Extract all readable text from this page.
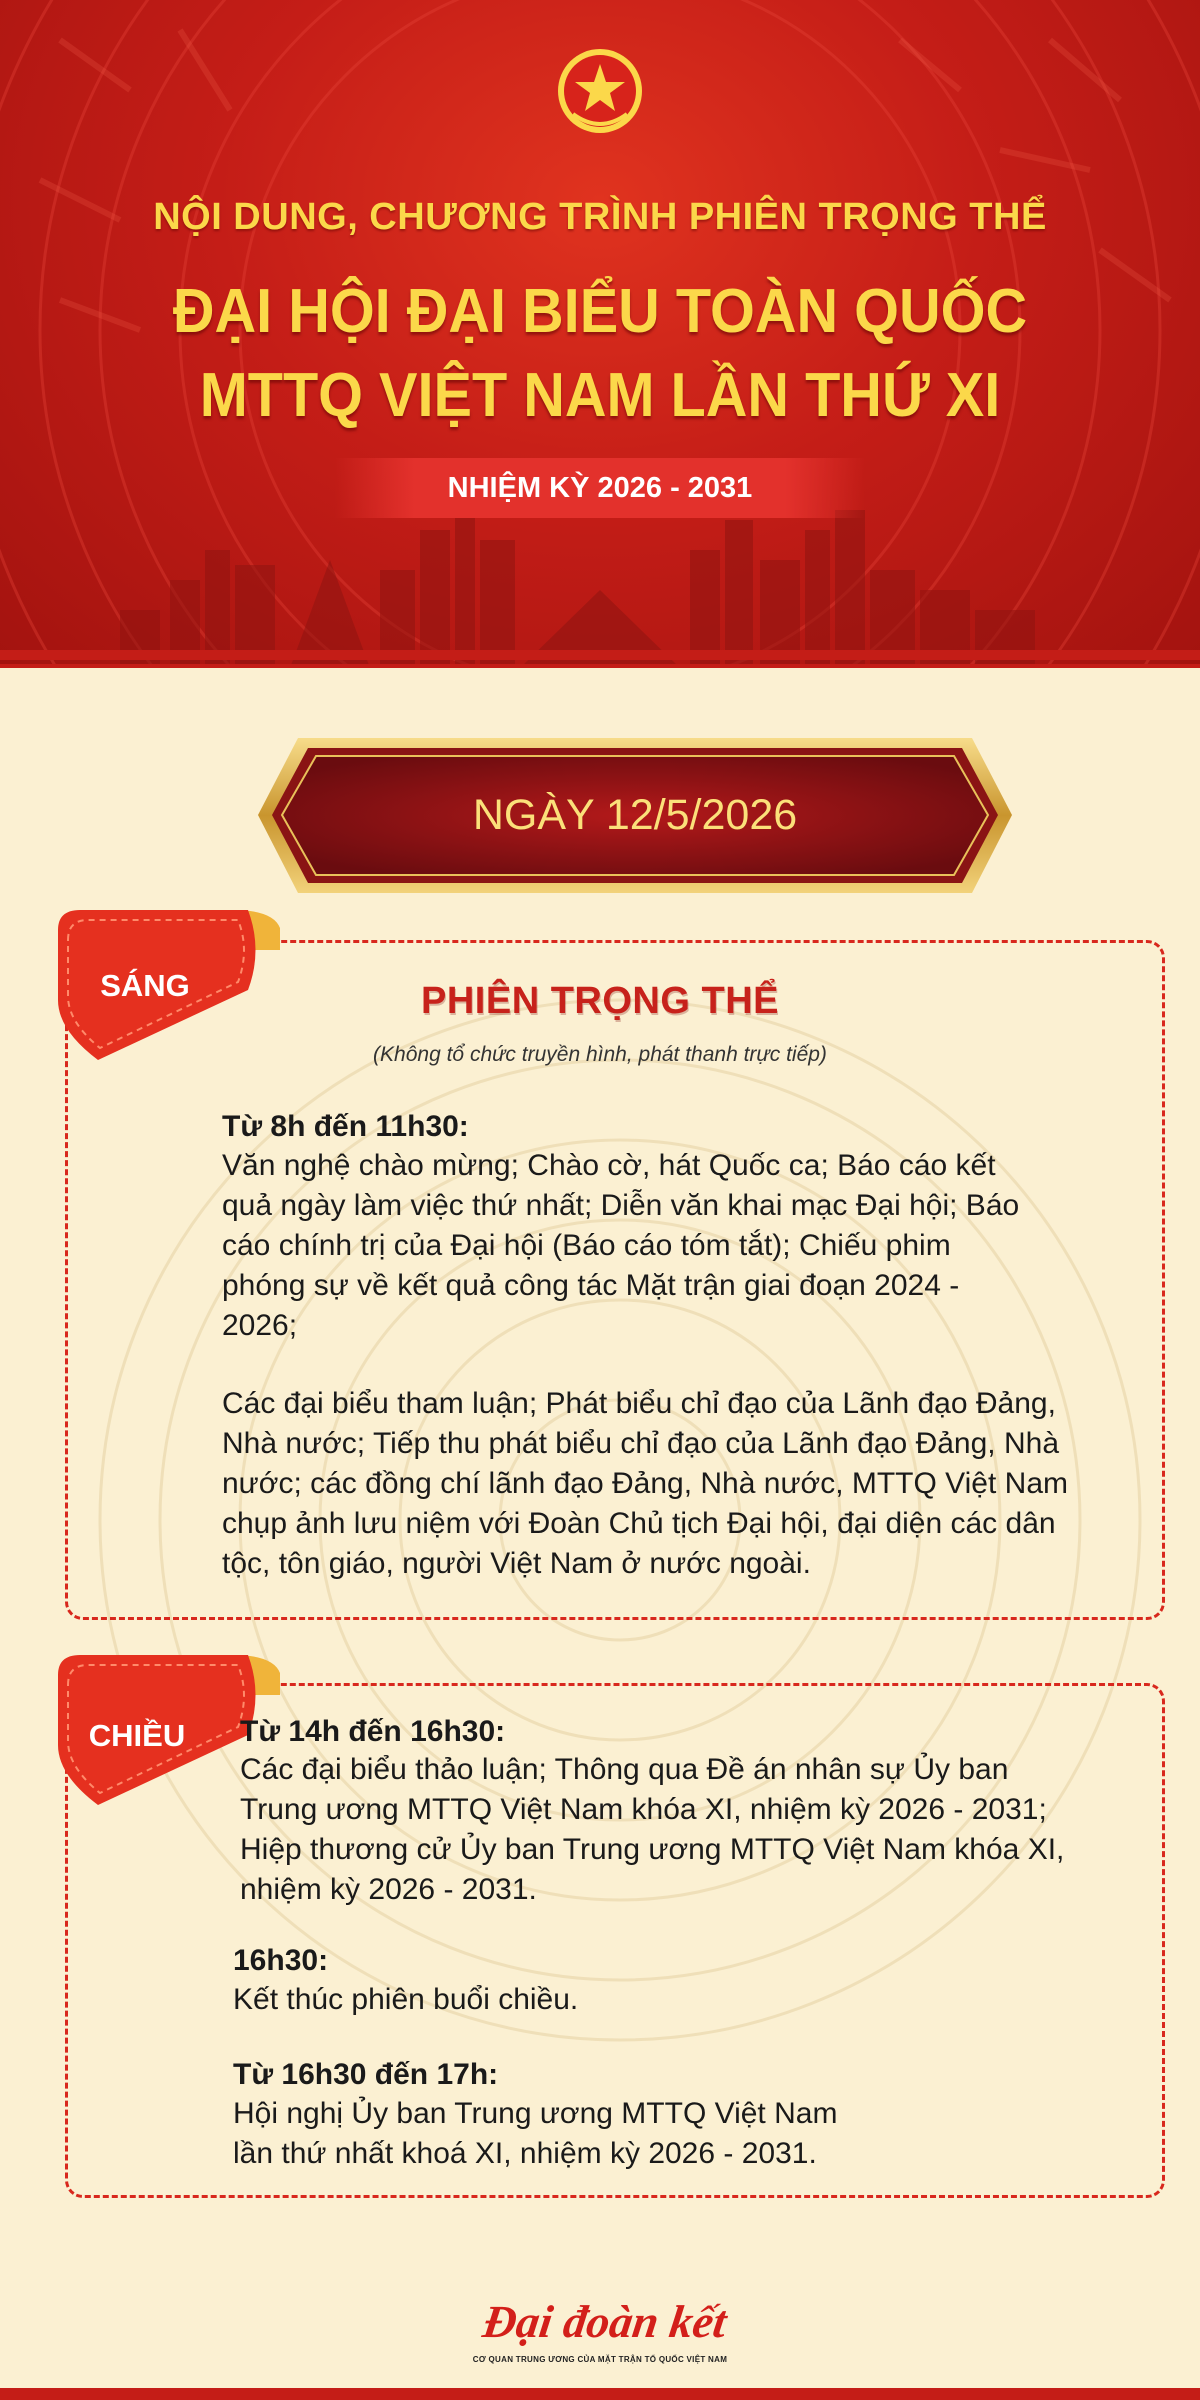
NỘI DUNG, CHƯƠNG TRÌNH PHIÊN TRỌNG THỂ
ĐẠI HỘI ĐẠI BIỂU TOÀN QUỐC
MTTQ VIỆT NAM LẦN THỨ XI
NHIỆM KỲ 2026 - 2031
NGÀY 12/5/2026
SÁNG	PHIÊN TRỌNG THỂ
(Không tổ chức truyền hình, phát thanh trực tiếp)
Từ 8h đến 11h30:
Văn nghệ chào mừng; Chào cờ, hát Quốc ca; Báo cáo kết
quả ngày làm việc thứ nhất; Diễn văn khai mạc Đại hội; Báo
cáo chính trị của Đại hội (Báo cáo tóm tắt); Chiếu phim
phóng sự về kết quả công tác Mặt trận giai đoạn 2024 -
2026;
Các đại biểu tham luận; Phát biểu chỉ đạo của Lãnh đạo Đảng,
Nhà nước; Tiếp thu phát biểu chỉ đạo của Lãnh đạo Đảng, Nhà
nước; các đồng chí lãnh đạo Đảng, Nhà nước, MTTQ Việt Nam
chụp ảnh lưu niệm với Đoàn Chủ tịch Đại hội, đại diện các dân
tộc, tôn giáo, người Việt Nam ở nước ngoài.
CHIỀU	Từ 14h đến 16h30:
Các đại biểu thảo luận; Thông qua Đề án nhân sự Ủy ban
Trung ương MTTQ Việt Nam khóa XI, nhiệm kỳ 2026 - 2031;
Hiệp thương cử Ủy ban Trung ương MTTQ Việt Nam khóa XI,
nhiệm kỳ 2026 - 2031.
16h30:
Kết thúc phiên buổi chiều.
Từ 16h30 đến 17h:
Hội nghị Ủy ban Trung ương MTTQ Việt Nam
lần thứ nhất khoá XI, nhiệm kỳ 2026 - 2031.
Đại đoàn kết
CƠ QUAN TRUNG ƯƠNG CỦA MẶT TRẬN TỔ QUỐC VIỆT NAM
